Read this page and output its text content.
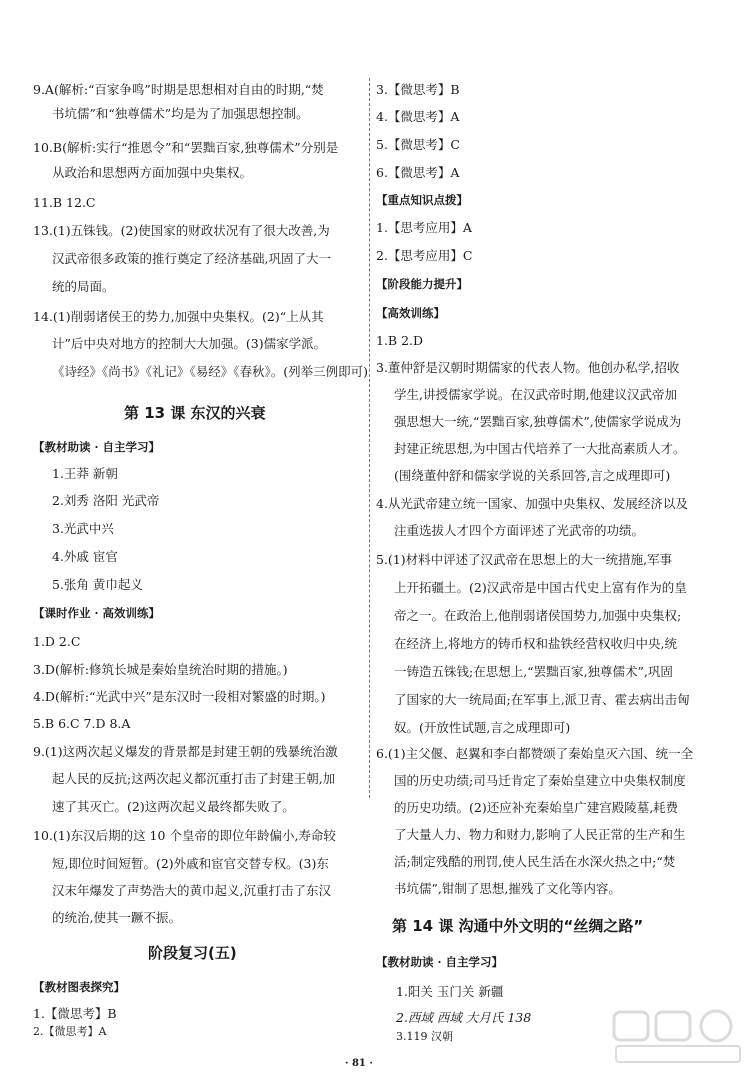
9.A(解析:“百家争鸣”时期是思想相对自由的时期,“焚
书坑儒”和“独尊儒术”均是为了加强思想控制。
10.B(解析:实行“推恩令”和“罢黜百家,独尊儒术”分别是
从政治和思想两方面加强中央集权。
11.B 12.C
13.(1)五铢钱。(2)使国家的财政状况有了很大改善,为
汉武帝很多政策的推行奠定了经济基础,巩固了大一
统的局面。
14.(1)削弱诸侯王的势力,加强中央集权。(2)“上从其
计”后中央对地方的控制大大加强。(3)儒家学派。
《诗经》《尚书》《礼记》《易经》《春秋》。(列举三例即可)
第 13 课 东汉的兴衰
【教材助读 · 自主学习】
1.王莽 新朝
2.刘秀 洛阳 光武帝
3.光武中兴
4.外戚 宦官
5.张角 黄巾起义
【课时作业 · 高效训练】
1.D 2.C
3.D(解析:修筑长城是秦始皇统治时期的措施。)
4.D(解析:“光武中兴”是东汉时一段相对繁盛的时期。)
5.B 6.C 7.D 8.A
9.(1)这两次起义爆发的背景都是封建王朝的残暴统治激
起人民的反抗;这两次起义都沉重打击了封建王朝,加
速了其灭亡。(2)这两次起义最终都失败了。
10.(1)东汉后期的这 10 个皇帝的即位年龄偏小,寿命较
短,即位时间短暂。(2)外戚和宦官交替专权。(3)东
汉末年爆发了声势浩大的黄巾起义,沉重打击了东汉
的统治,使其一蹶不振。
阶段复习(五)
【教材图表探究】
1.【微思考】B
2.【微思考】A
3.【微思考】B
4.【微思考】A
5.【微思考】C
6.【微思考】A
【重点知识点拨】
1.【思考应用】A
2.【思考应用】C
【阶段能力提升】
【高效训练】
1.B 2.D
3.董仲舒是汉朝时期儒家的代表人物。他创办私学,招收
学生,讲授儒家学说。在汉武帝时期,他建议汉武帝加
强思想大一统,“罢黜百家,独尊儒术”,使儒家学说成为
封建正统思想,为中国古代培养了一大批高素质人才。
(围绕董仲舒和儒家学说的关系回答,言之成理即可)
4.从光武帝建立统一国家、加强中央集权、发展经济以及
注重选拔人才四个方面评述了光武帝的功绩。
5.(1)材料中评述了汉武帝在思想上的大一统措施,军事
上开拓疆土。(2)汉武帝是中国古代史上富有作为的皇
帝之一。在政治上,他削弱诸侯国势力,加强中央集权;
在经济上,将地方的铸币权和盐铁经营权收归中央,统
一铸造五铢钱;在思想上,“罢黜百家,独尊儒术”,巩固
了国家的大一统局面;在军事上,派卫青、霍去病出击匈
奴。(开放性试题,言之成理即可)
6.(1)主父偃、赵翼和李白都赞颂了秦始皇灭六国、统一全
国的历史功绩;司马迁肯定了秦始皇建立中央集权制度
的历史功绩。(2)还应补充秦始皇广建宫殿陵墓,耗费
了大量人力、物力和财力,影响了人民正常的生产和生
活;制定残酷的刑罚,使人民生活在水深火热之中;“焚
书坑儒”,钳制了思想,摧残了文化等内容。
第 14 课 沟通中外文明的“丝绸之路”
【教材助读 · 自主学习】
1.阳关 玉门关 新疆
2.西域 西域 大月氏 138
3.119 汉朝
· 81 ·
